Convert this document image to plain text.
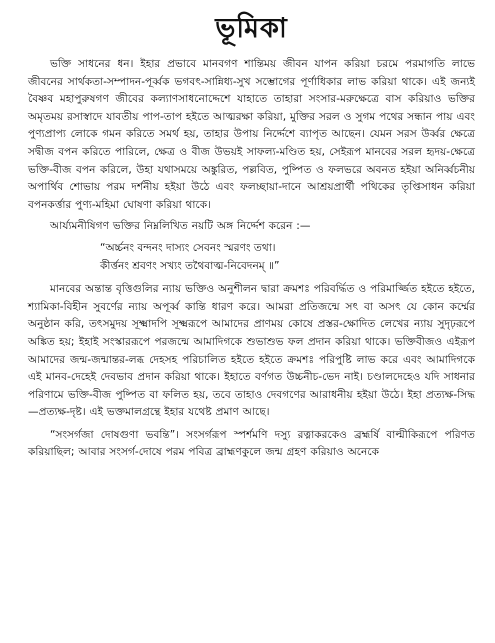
ভূমিকা

ভক্তি সাধনের ধন। ইহার প্রভাবে মানবগণ শান্তিময় জীবন যাপন করিয়া চরমে পরমাগতি লাভে জীবনের সার্থকতা-সম্পাদন-পূর্ব্বক ভগবৎ-সান্নিধ্য-সুখ সম্ভোগের পূর্ণাধিকার লাভ করিয়া থাকে। এই জন্যই বৈষ্ণব মহাপুরুষগণ জীবের কল্যাণসাধনোদ্দেশে যাহাতে তাহারা সংসার-মরুক্ষেত্রে বাস করিয়াও ভক্তির অমৃতময় রসাস্বাদে যাবতীয় পাপ-তাপ হইতে আত্মরক্ষা করিয়া, মুক্তির সরল ও সুগম পথের সন্ধান পায় এবং পুণ্যপ্রাপ্য লোকে গমন করিতে সমর্থ হয়, তাহার উপায় নির্দ্দেশে ব্যাপৃত আছেন। যেমন সরস উর্ব্বর ক্ষেত্রে সদ্বীজ বপন করিতে পারিলে, ক্ষেত্র ও বীজ উভয়ই সাফল্য-মণ্ডিত হয়, সেইরূপ মানবের সরল হৃদয়-ক্ষেত্রে ভক্তি-বীজ বপন করিলে, উহা যথাসময়ে অঙ্কুরিত, পল্লবিত, পুষ্পিত ও ফলভরে অবনত হইয়া অনির্ব্বচনীয় অপার্থিব শোভায় পরম দর্শনীয় হইয়া উঠে এবং ফলচ্ছায়া-দানে আশ্রয়প্রার্থী পথিকের তৃপ্তিসাধন করিয়া বপনকর্ত্তার পুণ্য-মহিমা ঘোষণা করিয়া থাকে।

আর্য্যমনীষিগণ ভক্তির নিম্নলিখিত নয়টি অঙ্গ নির্দ্দেশ করেন :—

“অর্চ্চনং বন্দনং দাস্যং সেবনং স্মরণং তথা।

কীর্ত্তনং শ্রবণং সখ্যং তথৈবাত্ম-নিবেদনম্ ॥”

মানবের অন্তান্ত বৃত্তিগুলির ন্যায় ভক্তিও অনুশীলন দ্বারা ক্রমশঃ পরিবর্দ্ধিত ও পরিমার্জ্জিত হইতে হইতে, শ্যামিকা-বিহীন সুবর্ণের ন্যায় অপূর্ব্ব কান্তি ধারণ করে। আমরা প্রতিজন্মে সৎ বা অসৎ যে কোন কর্ম্মের অনুষ্ঠান করি, তৎসমুদয় সূক্ষ্মাদপি সূক্ষ্মরূপে আমাদের প্রাণময় কোষে প্রস্তর-ক্ষোদিত লেখের ন্যায় সুদৃঢ়রূপে অঙ্কিত হয়; ইহাই সংস্কাররূপে পরজন্মে আমাদিগকে শুভাশুভ ফল প্রদান করিয়া থাকে। ভক্তিবীজও এইরূপ আমাদের জন্ম-জন্মান্তর-লব্ধ দেহসহ পরিচালিত হইতে হইতে ক্রমশঃ পরিপুষ্টি লাভ করে এবং আমাদিগকে এই মানব-দেহেই দেবভাব প্রদান করিয়া থাকে। ইহাতে বর্ণগত উচ্চনীচ-ভেদ নাই। চণ্ডালদেহেও যদি সাধনার পরিণামে ভক্তি-বীজ পুষ্পিত বা ফলিত হয়, তবে তাহাও দেবগণের আরাধনীয় হইয়া উঠে। ইহা প্রত্যক্ষ-সিদ্ধ—প্রত্যক্ষ-দৃষ্ট। এই ভক্তমালগ্রন্থে ইহার যথেষ্ট প্রমাণ আছে।

“সংসর্গজা দোষগুণা ভবন্তি”। সংসর্গরূপ স্পর্শমণি দস্যু রত্নাকরকেও ব্রহ্মর্ষি বাল্মীকিরূপে পরিণত করিয়াছিল; আবার সংসর্গ-দোষে পরম পবিত্র ব্রাহ্মণকুলে জন্ম গ্রহণ করিয়াও অনেকে
